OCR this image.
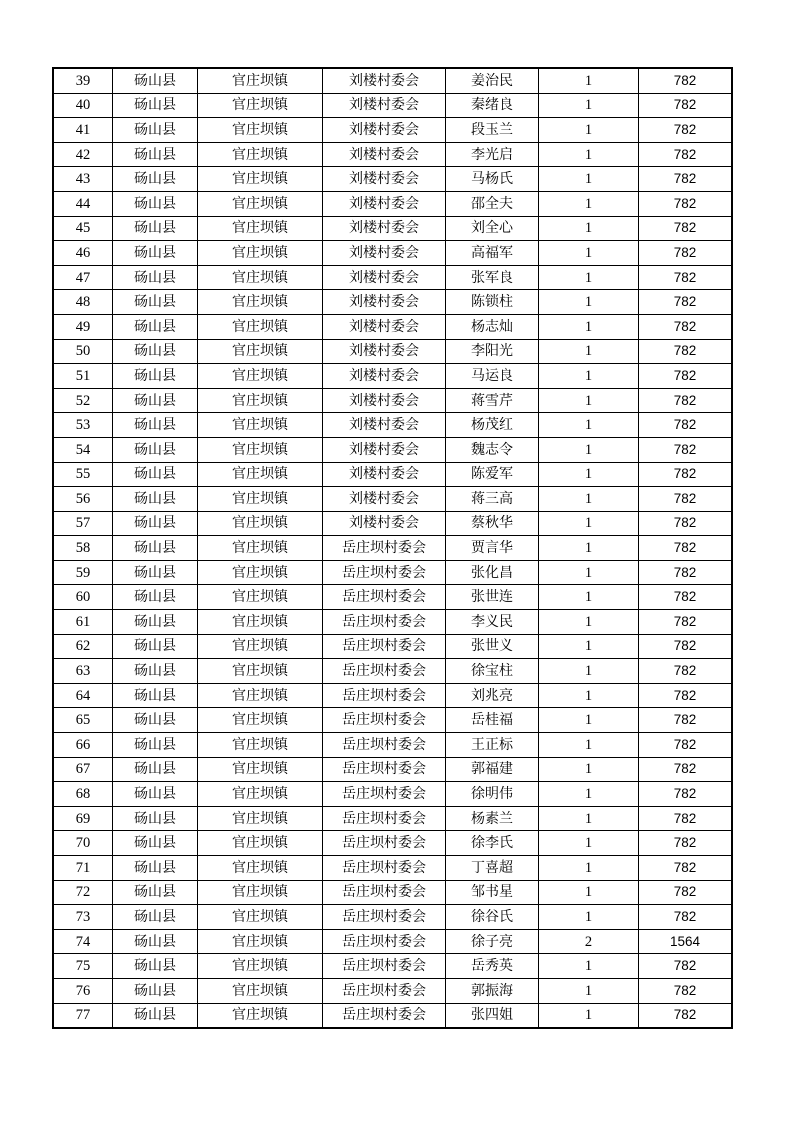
39	砀山县	官庄坝镇	刘楼村委会	姜治民	1	782
40	砀山县	官庄坝镇	刘楼村委会	秦绪良	1	782
41	砀山县	官庄坝镇	刘楼村委会	段玉兰	1	782
42	砀山县	官庄坝镇	刘楼村委会	李光启	1	782
43	砀山县	官庄坝镇	刘楼村委会	马杨氏	1	782
44	砀山县	官庄坝镇	刘楼村委会	邵全夫	1	782
45	砀山县	官庄坝镇	刘楼村委会	刘全心	1	782
46	砀山县	官庄坝镇	刘楼村委会	高福军	1	782
47	砀山县	官庄坝镇	刘楼村委会	张军良	1	782
48	砀山县	官庄坝镇	刘楼村委会	陈锁柱	1	782
49	砀山县	官庄坝镇	刘楼村委会	杨志灿	1	782
50	砀山县	官庄坝镇	刘楼村委会	李阳光	1	782
51	砀山县	官庄坝镇	刘楼村委会	马运良	1	782
52	砀山县	官庄坝镇	刘楼村委会	蒋雪芹	1	782
53	砀山县	官庄坝镇	刘楼村委会	杨茂红	1	782
54	砀山县	官庄坝镇	刘楼村委会	魏志令	1	782
55	砀山县	官庄坝镇	刘楼村委会	陈爱军	1	782
56	砀山县	官庄坝镇	刘楼村委会	蒋三高	1	782
57	砀山县	官庄坝镇	刘楼村委会	蔡秋华	1	782
58	砀山县	官庄坝镇	岳庄坝村委会	贾言华	1	782
59	砀山县	官庄坝镇	岳庄坝村委会	张化昌	1	782
60	砀山县	官庄坝镇	岳庄坝村委会	张世连	1	782
61	砀山县	官庄坝镇	岳庄坝村委会	李义民	1	782
62	砀山县	官庄坝镇	岳庄坝村委会	张世义	1	782
63	砀山县	官庄坝镇	岳庄坝村委会	徐宝柱	1	782
64	砀山县	官庄坝镇	岳庄坝村委会	刘兆亮	1	782
65	砀山县	官庄坝镇	岳庄坝村委会	岳桂福	1	782
66	砀山县	官庄坝镇	岳庄坝村委会	王正标	1	782
67	砀山县	官庄坝镇	岳庄坝村委会	郭福建	1	782
68	砀山县	官庄坝镇	岳庄坝村委会	徐明伟	1	782
69	砀山县	官庄坝镇	岳庄坝村委会	杨素兰	1	782
70	砀山县	官庄坝镇	岳庄坝村委会	徐李氏	1	782
71	砀山县	官庄坝镇	岳庄坝村委会	丁喜超	1	782
72	砀山县	官庄坝镇	岳庄坝村委会	邹书星	1	782
73	砀山县	官庄坝镇	岳庄坝村委会	徐谷氏	1	782
74	砀山县	官庄坝镇	岳庄坝村委会	徐子亮	2	1564
75	砀山县	官庄坝镇	岳庄坝村委会	岳秀英	1	782
76	砀山县	官庄坝镇	岳庄坝村委会	郭振海	1	782
77	砀山县	官庄坝镇	岳庄坝村委会	张四姐	1	782
